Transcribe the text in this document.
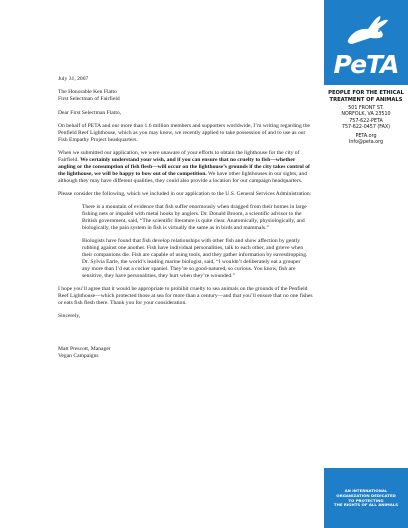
July 31, 2007

The Honorable Ken Flatto
First Selectman of Fairfield

Dear First Selectman Flatto,

On behalf of PETA and our more than 1.6 million members and supporters worldwide, I’m writing regarding the Penfield Reef Lighthouse, which as you may know, we recently applied to take possession of and to use as our Fish Empathy Project headquarters.

When we submitted our application, we were unaware of your efforts to obtain the lighthouse for the city of Fairfield. We certainly understand your wish, and if you can ensure that no cruelty to fish—whether angling or the consumption of fish flesh—will occur on the lighthouse’s grounds if the city takes control of the lighthouse, we will be happy to bow out of the competition. We have other lighthouses in our sights, and although they may have different qualities, they could also provide a location for our campaign headquarters.

Please consider the following, which we included in our application to the U.S. General Services Administration:

There is a mountain of evidence that fish suffer enormously when dragged from their homes in large fishing nets or impaled with metal hooks by anglers. Dr. Donald Broom, a scientific advisor to the British government, said, “The scientific literature is quite clear. Anatomically, physiologically, and biologically, the pain system in fish is virtually the same as in birds and mammals.”

Biologists have found that fish develop relationships with other fish and show affection by gently rubbing against one another. Fish have individual personalities, talk to each other, and grieve when their companions die. Fish are capable of using tools, and they gather information by eavesdropping. Dr. Sylvia Earle, the world’s leading marine biologist, said, “I wouldn’t deliberately eat a grouper any more than I’d eat a cocker spaniel. They’re so good-natured, so curious. You know, fish are sensitive, they have personalities, they hurt when they’re wounded.”

I hope you’ll agree that it would be appropriate to prohibit cruelty to sea animals on the grounds of the Penfield Reef Lighthouse—which protected those at sea for more than a century—and that you’ll ensure that no one fishes or eats fish flesh there. Thank you for your consideration.

Sincerely,

Matt Prescott, Manager
Vegan Campaigns
PeTA
PEOPLE FOR THE ETHICAL
TREATMENT OF ANIMALS
501 FRONT ST.
NORFOLK, VA 23510
757-622-PETA
757-622-0457 (FAX)
PETA.org
Info@peta.org
AN INTERNATIONAL
ORGANIZATION DEDICATED
TO PROTECTING
THE RIGHTS OF ALL ANIMALS
